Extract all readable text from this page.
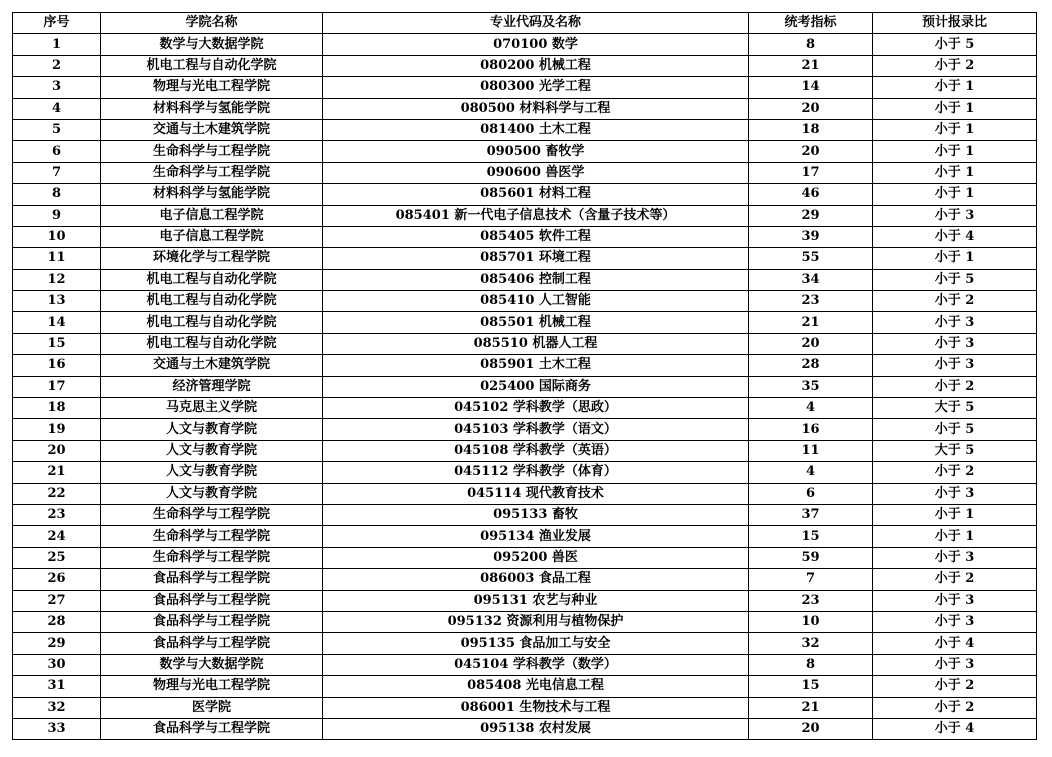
序号	学院名称	专业代码及名称	统考指标	预计报录比
1	数学与大数据学院	070100 数学	8	小于 5
2	机电工程与自动化学院	080200 机械工程	21	小于 2
3	物理与光电工程学院	080300 光学工程	14	小于 1
4	材料科学与氢能学院	080500 材料科学与工程	20	小于 1
5	交通与土木建筑学院	081400 土木工程	18	小于 1
6	生命科学与工程学院	090500 畜牧学	20	小于 1
7	生命科学与工程学院	090600 兽医学	17	小于 1
8	材料科学与氢能学院	085601 材料工程	46	小于 1
9	电子信息工程学院	085401 新一代电子信息技术（含量子技术等）	29	小于 3
10	电子信息工程学院	085405 软件工程	39	小于 4
11	环境化学与工程学院	085701 环境工程	55	小于 1
12	机电工程与自动化学院	085406 控制工程	34	小于 5
13	机电工程与自动化学院	085410 人工智能	23	小于 2
14	机电工程与自动化学院	085501 机械工程	21	小于 3
15	机电工程与自动化学院	085510 机器人工程	20	小于 3
16	交通与土木建筑学院	085901 土木工程	28	小于 3
17	经济管理学院	025400 国际商务	35	小于 2
18	马克思主义学院	045102 学科教学（思政）	4	大于 5
19	人文与教育学院	045103 学科教学（语文）	16	小于 5
20	人文与教育学院	045108 学科教学（英语）	11	大于 5
21	人文与教育学院	045112 学科教学（体育）	4	小于 2
22	人文与教育学院	045114 现代教育技术	6	小于 3
23	生命科学与工程学院	095133 畜牧	37	小于 1
24	生命科学与工程学院	095134 渔业发展	15	小于 1
25	生命科学与工程学院	095200 兽医	59	小于 3
26	食品科学与工程学院	086003 食品工程	7	小于 2
27	食品科学与工程学院	095131 农艺与种业	23	小于 3
28	食品科学与工程学院	095132 资源利用与植物保护	10	小于 3
29	食品科学与工程学院	095135 食品加工与安全	32	小于 4
30	数学与大数据学院	045104 学科教学（数学）	8	小于 3
31	物理与光电工程学院	085408 光电信息工程	15	小于 2
32	医学院	086001 生物技术与工程	21	小于 2
33	食品科学与工程学院	095138 农村发展	20	小于 4
